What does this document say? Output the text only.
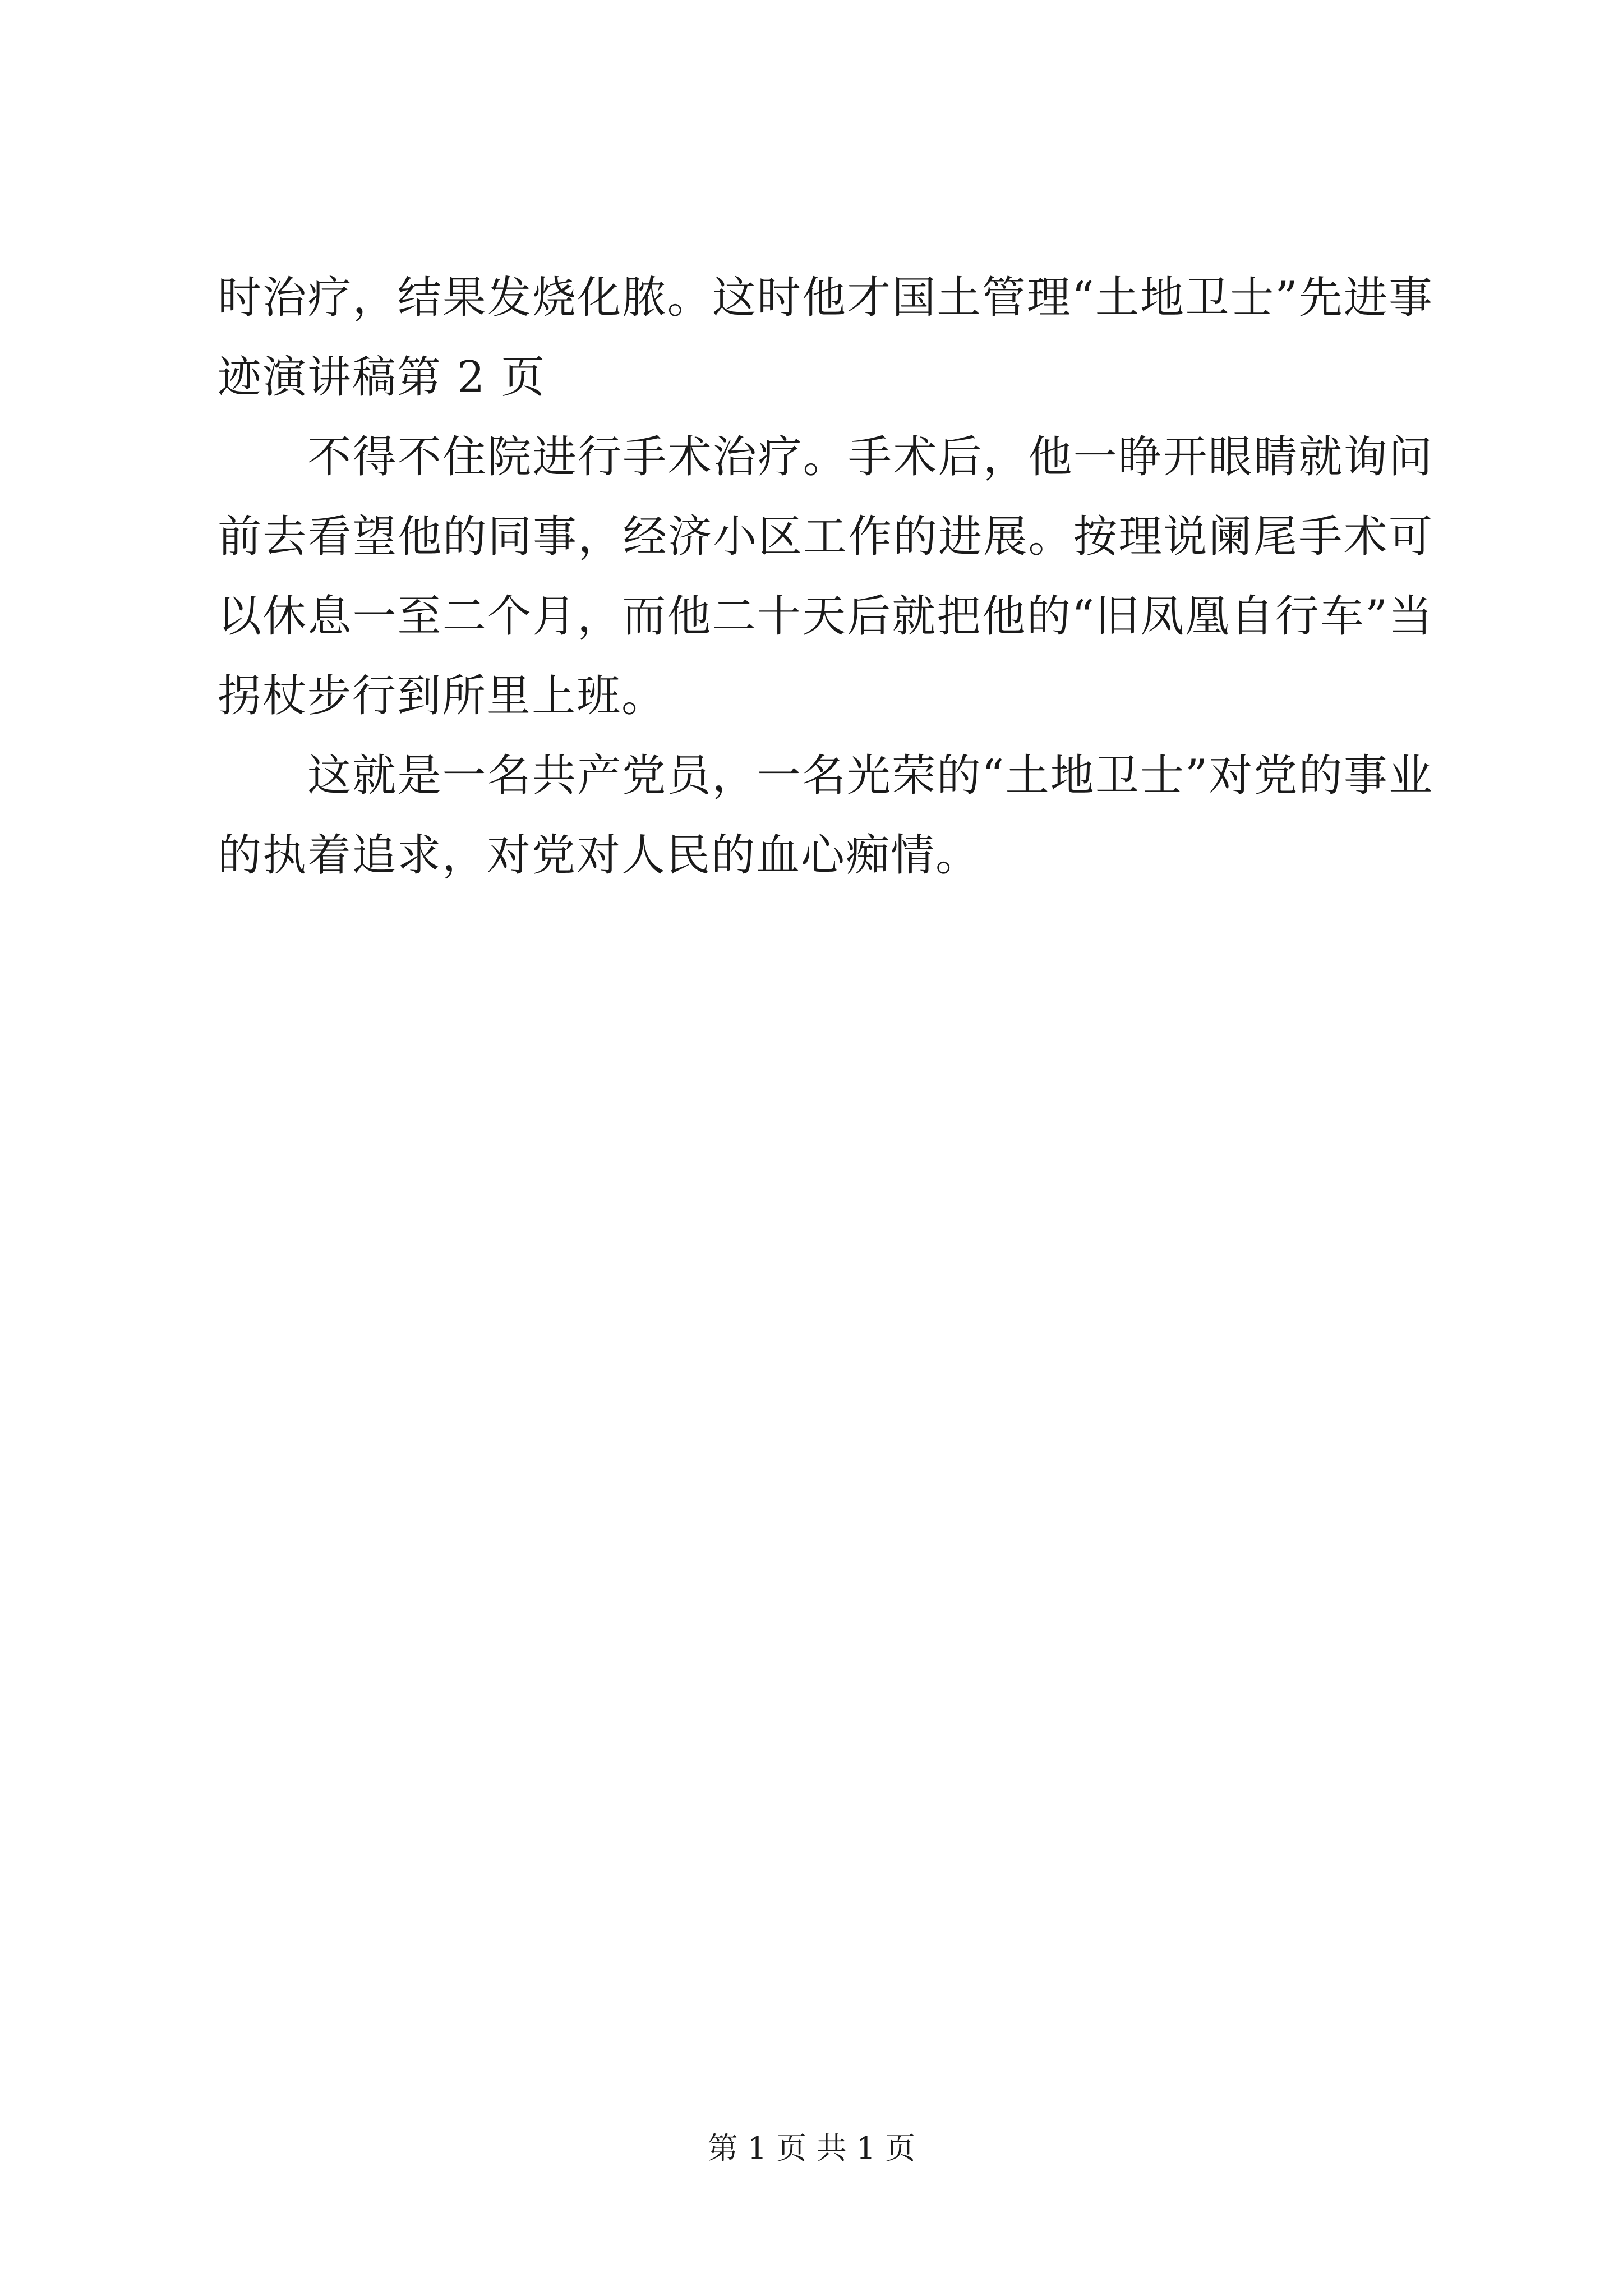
时治疗，结果发烧化脓。这时他才国土管理“土地卫士”先进事迹演讲稿第 2 页

不得不住院进行手术治疗。手术后，他一睁开眼睛就询问前去看望他的同事，经济小区工作的进展。按理说阑尾手术可以休息一至二个月，而他二十天后就把他的“旧凤凰自行车”当拐杖步行到所里上班。

这就是一名共产党员，一名光荣的“土地卫士”对党的事业的执着追求，对党对人民的血心痴情。

第 1 页 共 1 页
